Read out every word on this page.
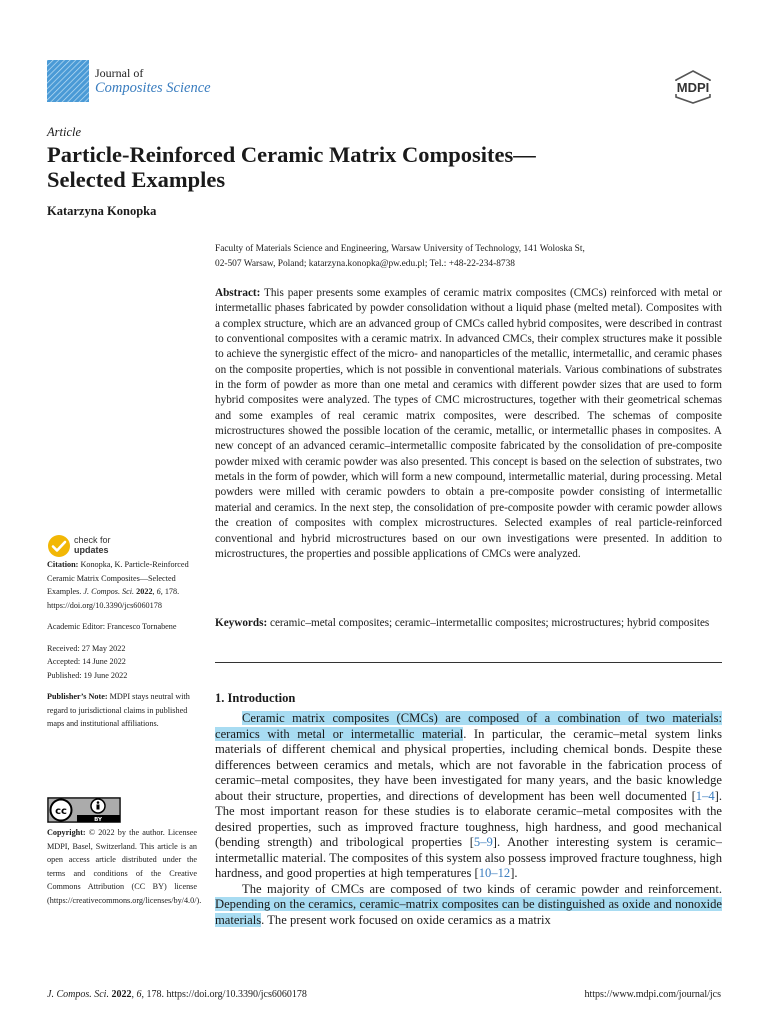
Journal of
Composites Science	MDPI
Article
Particle-Reinforced Ceramic Matrix Composites—
Selected Examples
Katarzyna Konopka
Faculty of Materials Science and Engineering, Warsaw University of Technology, 141 Woloska St,
02-507 Warsaw, Poland; katarzyna.konopka@pw.edu.pl; Tel.: +48-22-234-8738
Abstract: This paper presents some examples of ceramic matrix composites (CMCs) reinforced with metal or intermetallic phases fabricated by powder consolidation without a liquid phase (melted metal). Composites with a complex structure, which are an advanced group of CMCs called hybrid composites, were described in contrast to conventional composites with a ceramic matrix. In advanced CMCs, their complex structures make it possible to achieve the synergistic effect of the micro- and nanoparticles of the metallic, intermetallic, and ceramic phases on the composite properties, which is not possible in conventional materials. Various combinations of substrates in the form of powder as more than one metal and ceramics with different powder sizes that are used to form hybrid composites were analyzed. The types of CMC microstructures, together with their geometrical schemas and some examples of real ceramic matrix composites, were described. The schemas of composite microstructures showed the possible location of the ceramic, metallic, or intermetallic phases in composites. A new concept of an advanced ceramic–intermetallic composite fabricated by the consolidation of pre-composite powder mixed with ceramic powder was also presented. This concept is based on the selection of substrates, two metals in the form of powder, which will form a new compound, intermetallic material, during processing. Metal powders were milled with ceramic powders to obtain a pre-composite powder consisting of intermetallic material and ceramics. In the next step, the consolidation of pre-composite powder with ceramic powder allows the creation of composites with complex microstructures. Selected examples of real particle-reinforced conventional and hybrid microstructures based on our own investigations were presented. In addition to microstructures, the properties and possible applications of CMCs were analyzed.
Keywords: ceramic–metal composites; ceramic–intermetallic composites; microstructures; hybrid composites
1. Introduction

Ceramic matrix composites (CMCs) are composed of a combination of two materials: ceramics with metal or intermetallic material. In particular, the ceramic–metal system links materials of different chemical and physical properties, including chemical bonds. Despite these differences between ceramics and metals, which are not favorable in the fabrication process of ceramic–metal composites, they have been investigated for many years, and the basic knowledge about their structure, properties, and directions of development has been well documented [1–4]. The most important reason for these studies is to elaborate ceramic–metal composites with the desired properties, such as improved fracture toughness, high hardness, and good mechanical (bending strength) and tribological properties [5–9]. Another interesting system is ceramic–intermetallic material. The composites of this system also possess improved fracture toughness, high hardness, and good properties at high temperatures [10–12].

The majority of CMCs are composed of two kinds of ceramic powder and reinforcement. Depending on the ceramics, ceramic–matrix composites can be distinguished as oxide and nonoxide materials. The present work focused on oxide ceramics as a matrix

check for
updates

Citation: Konopka, K. Particle-Reinforced Ceramic Matrix Composites—Selected Examples. J. Compos. Sci. 2022, 6, 178. https://doi.org/10.3390/jcs6060178

Academic Editor: Francesco Tornabene

Received: 27 May 2022
Accepted: 14 June 2022
Published: 19 June 2022

Publisher’s Note: MDPI stays neutral with regard to jurisdictional claims in published maps and institutional affiliations.

cc
BY
Copyright: © 2022 by the author. Licensee MDPI, Basel, Switzerland. This article is an open access article distributed under the terms and conditions of the Creative Commons Attribution (CC BY) license (https://creativecommons.org/licenses/by/4.0/).
J. Compos. Sci. 2022, 6, 178. https://doi.org/10.3390/jcs6060178	https://www.mdpi.com/journal/jcs
